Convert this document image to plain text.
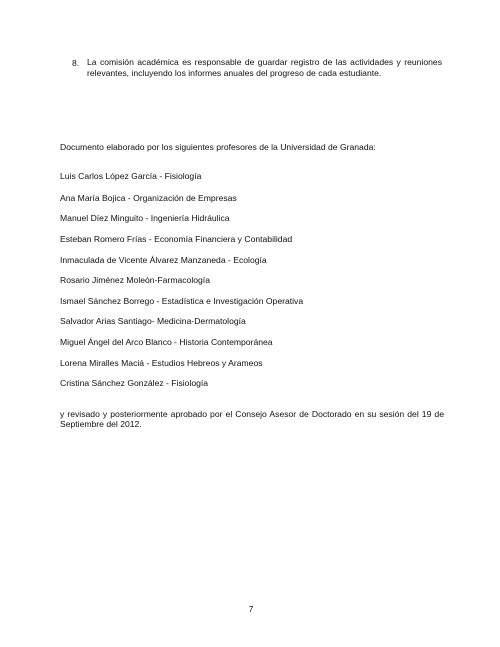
8. La comisión académica es responsable de guardar registro de las actividades y reuniones relevantes, incluyendo los informes anuales del progreso de cada estudiante.
Documento elaborado por los siguientes profesores de la Universidad de Granada:
Luis Carlos López García - Fisiología
Ana María Bojica - Organización de Empresas
Manuel Díez Minguito - Ingeniería Hidráulica
Esteban Romero Frías - Economía Financiera y Contabilidad
Inmaculada de Vicente Álvarez Manzaneda - Ecología
Rosario Jiménez Moleón-Farmacología
Ismael Sánchez Borrego - Estadística e Investigación Operativa
Salvador Arias Santiago- Medicina-Dermatología
Miguel Ángel del Arco Blanco - Historia Contemporánea
Lorena Miralles Maciá - Estudios Hebreos y Arameos
Cristina Sánchez González - Fisiología
y revisado y posteriormente aprobado por el Consejo Asesor de Doctorado en su sesión del 19 de Septiembre del 2012.
7
